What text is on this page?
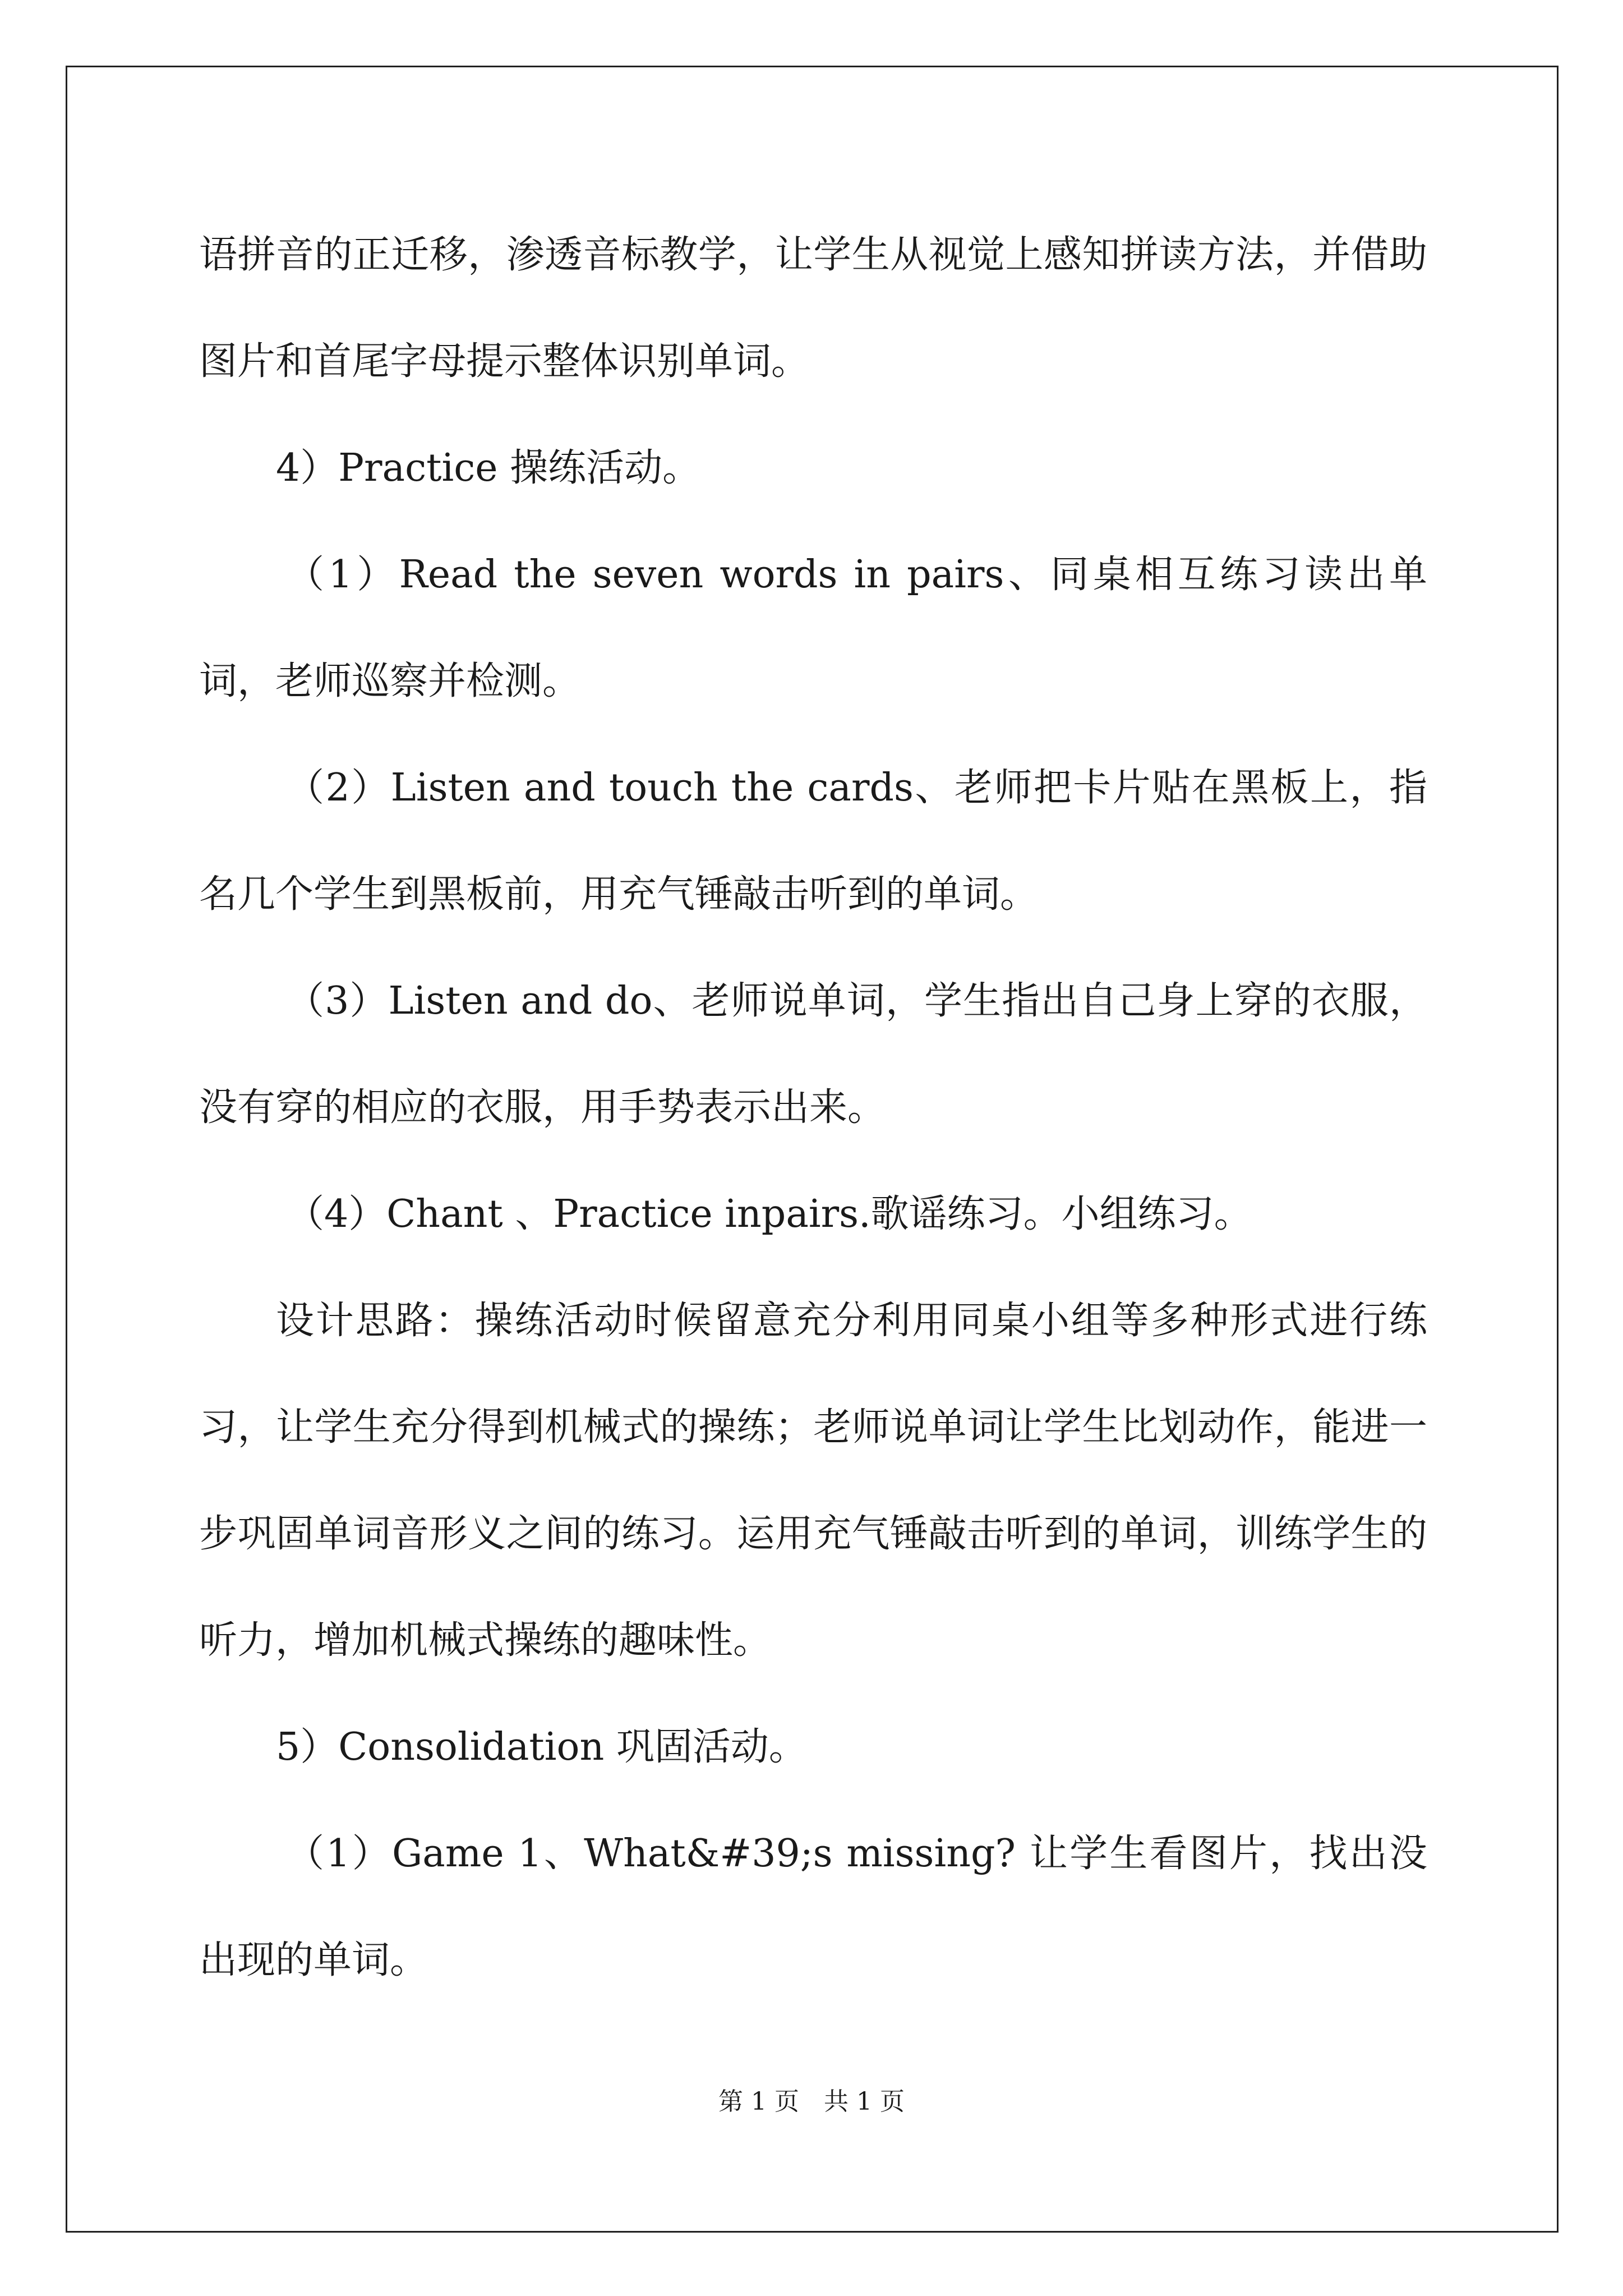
语拼音的正迁移，渗透音标教学，让学生从视觉上感知拼读方法，并借助图片和首尾字母提示整体识别单词。

4）Practice 操练活动。

（1）Read the seven words in pairs、同桌相互练习读出单词，老师巡察并检测。

（2）Listen and touch the cards、老师把卡片贴在黑板上，指名几个学生到黑板前，用充气锤敲击听到的单词。

（3）Listen and do、老师说单词，学生指出自己身上穿的衣服，没有穿的相应的衣服，用手势表示出来。

（4）Chant 、Practice inpairs.歌谣练习。小组练习。

设计思路：操练活动时候留意充分利用同桌小组等多种形式进行练习，让学生充分得到机械式的操练；老师说单词让学生比划动作，能进一步巩固单词音形义之间的练习。运用充气锤敲击听到的单词，训练学生的听力，增加机械式操练的趣味性。

5）Consolidation 巩固活动。

（1）Game 1、What&#39;s missing? 让学生看图片，找出没出现的单词。

第 1 页　共 1 页
